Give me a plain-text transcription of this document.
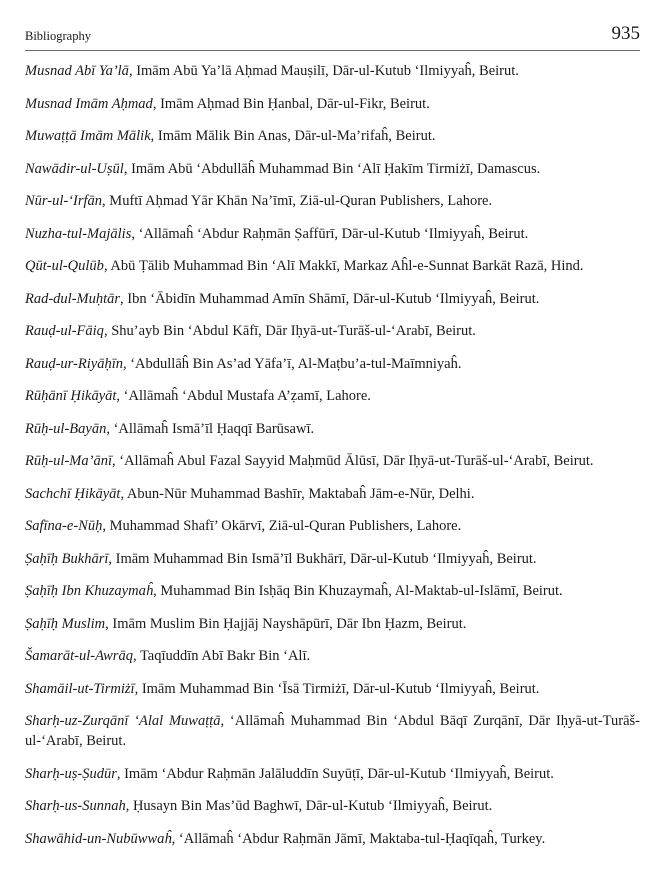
Bibliography	935
Musnad Abī Ya’lā, Imām Abū Ya’lā Aḥmad Mauṣilī, Dār-ul-Kutub ‘Ilmiyyaĥ, Beirut.
Musnad Imām Aḥmad, Imām Aḥmad Bin Ḥanbal, Dār-ul-Fikr, Beirut.
Muwaṭṭā Imām Mālik, Imām Mālik Bin Anas, Dār-ul-Ma’rifaĥ, Beirut.
Nawādir-ul-Uṣūl, Imām Abū ‘Abdullāĥ Muhammad Bin ‘Alī Ḥakīm Tirmiżī, Damascus.
Nūr-ul-‘Irfān, Muftī Aḥmad Yār Khān Na’īmī, Ziā-ul-Quran Publishers, Lahore.
Nuzha-tul-Majālis, ‘Allāmaĥ ‘Abdur Raḥmān Ṣaffūrī, Dār-ul-Kutub ‘Ilmiyyaĥ, Beirut.
Qūt-ul-Qulūb, Abū Ṭālib Muhammad Bin ‘Alī Makkī, Markaz Aĥl-e-Sunnat Barkāt Razā, Hind.
Rad-dul-Muḥtār, Ibn ‘Ābidīn Muhammad Amīn Shāmī, Dār-ul-Kutub ‘Ilmiyyaĥ, Beirut.
Rauḍ-ul-Fāiq, Shu’ayb Bin ‘Abdul Kāfī, Dār Iḥyā-ut-Turāš-ul-‘Arabī, Beirut.
Rauḍ-ur-Riyāḥīn, ‘Abdullāĥ Bin As’ad Yāfa’ī, Al-Maṭbu’a-tul-Maīmniyaĥ.
Rūḥānī Ḥikāyāt, ‘Allāmaĥ ‘Abdul Mustafa A’ẓamī, Lahore.
Rūḥ-ul-Bayān, ‘Allāmaĥ Ismā’īl Ḥaqqī Barūsawī.
Rūḥ-ul-Ma’ānī, ‘Allāmaĥ Abul Fazal Sayyid Maḥmūd Ālūsī, Dār Iḥyā-ut-Turāš-ul-‘Arabī, Beirut.
Sachchī Ḥikāyāt, Abun-Nūr Muhammad Bashīr, Maktabaĥ Jām-e-Nūr, Delhi.
Safīna-e-Nūḥ, Muhammad Shafī’ Okārvī, Ziā-ul-Quran Publishers, Lahore.
Ṣaḥīḥ Bukhārī, Imām Muhammad Bin Ismā’īl Bukhārī, Dār-ul-Kutub ‘Ilmiyyaĥ, Beirut.
Ṣaḥīḥ Ibn Khuzaymaĥ, Muhammad Bin Isḥāq Bin Khuzaymaĥ, Al-Maktab-ul-Islāmī, Beirut.
Ṣaḥīḥ Muslim, Imām Muslim Bin Ḥajjāj Nayshāpūrī, Dār Ibn Ḥazm, Beirut.
Šamarāt-ul-Awrāq, Taqīuddīn Abī Bakr Bin ‘Alī.
Shamāil-ut-Tirmiżī, Imām Muhammad Bin ‘Īsā Tirmiżī, Dār-ul-Kutub ‘Ilmiyyaĥ, Beirut.
Sharḥ-uz-Zurqānī ‘Alal Muwaṭṭā, ‘Allāmaĥ Muhammad Bin ‘Abdul Bāqī Zurqānī, Dār Iḥyā-ut-Turāš-ul-‘Arabī, Beirut.
Sharḥ-uṣ-Ṣudūr, Imām ‘Abdur Raḥmān Jalāluddīn Suyūṭī, Dār-ul-Kutub ‘Ilmiyyaĥ, Beirut.
Sharḥ-us-Sunnah, Ḥusayn Bin Mas’ūd Baghwī, Dār-ul-Kutub ‘Ilmiyyaĥ, Beirut.
Shawāhid-un-Nubūwwaĥ, ‘Allāmaĥ ‘Abdur Raḥmān Jāmī, Maktaba-tul-Ḥaqīqaĥ, Turkey.
